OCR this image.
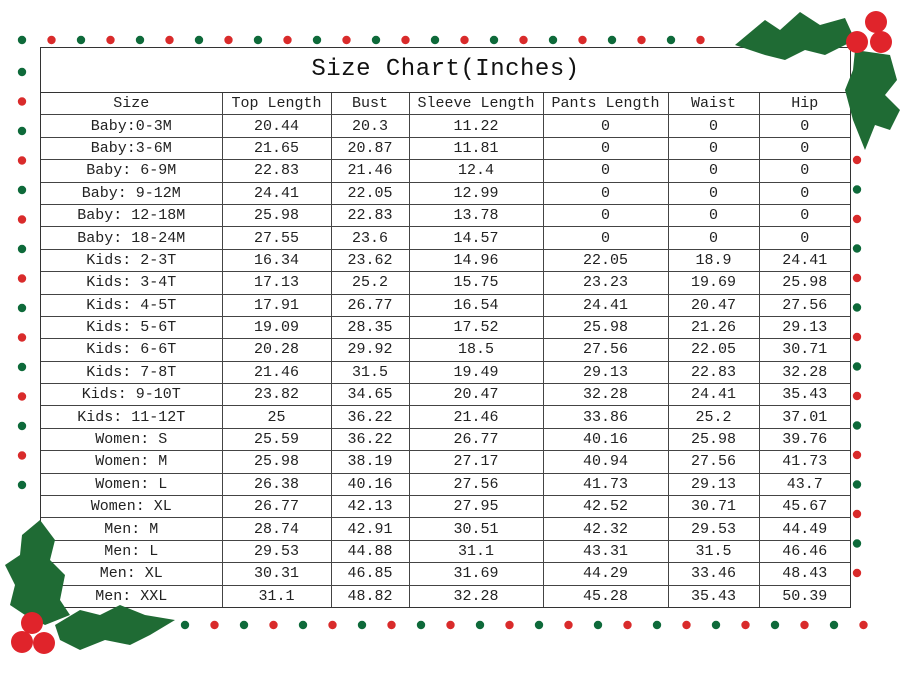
Size Chart(Inches)
Size	Top Length	Bust	Sleeve Length	Pants Length	Waist	Hip
Baby:0-3M	20.44	20.3	11.22	0	0	0
Baby:3-6M	21.65	20.87	11.81	0	0	0
Baby: 6-9M	22.83	21.46	12.4	0	0	0
Baby: 9-12M	24.41	22.05	12.99	0	0	0
Baby: 12-18M	25.98	22.83	13.78	0	0	0
Baby: 18-24M	27.55	23.6	14.57	0	0	0
Kids: 2-3T	16.34	23.62	14.96	22.05	18.9	24.41
Kids: 3-4T	17.13	25.2	15.75	23.23	19.69	25.98
Kids: 4-5T	17.91	26.77	16.54	24.41	20.47	27.56
Kids: 5-6T	19.09	28.35	17.52	25.98	21.26	29.13
Kids: 6-6T	20.28	29.92	18.5	27.56	22.05	30.71
Kids: 7-8T	21.46	31.5	19.49	29.13	22.83	32.28
Kids: 9-10T	23.82	34.65	20.47	32.28	24.41	35.43
Kids: 11-12T	25	36.22	21.46	33.86	25.2	37.01
Women: S	25.59	36.22	26.77	40.16	25.98	39.76
Women: M	25.98	38.19	27.17	40.94	27.56	41.73
Women: L	26.38	40.16	27.56	41.73	29.13	43.7
Women: XL	26.77	42.13	27.95	42.52	30.71	45.67
Men: M	28.74	42.91	30.51	42.32	29.53	44.49
Men: L	29.53	44.88	31.1	43.31	31.5	46.46
Men: XL	30.31	46.85	31.69	44.29	33.46	48.43
Men: XXL	31.1	48.82	32.28	45.28	35.43	50.39
